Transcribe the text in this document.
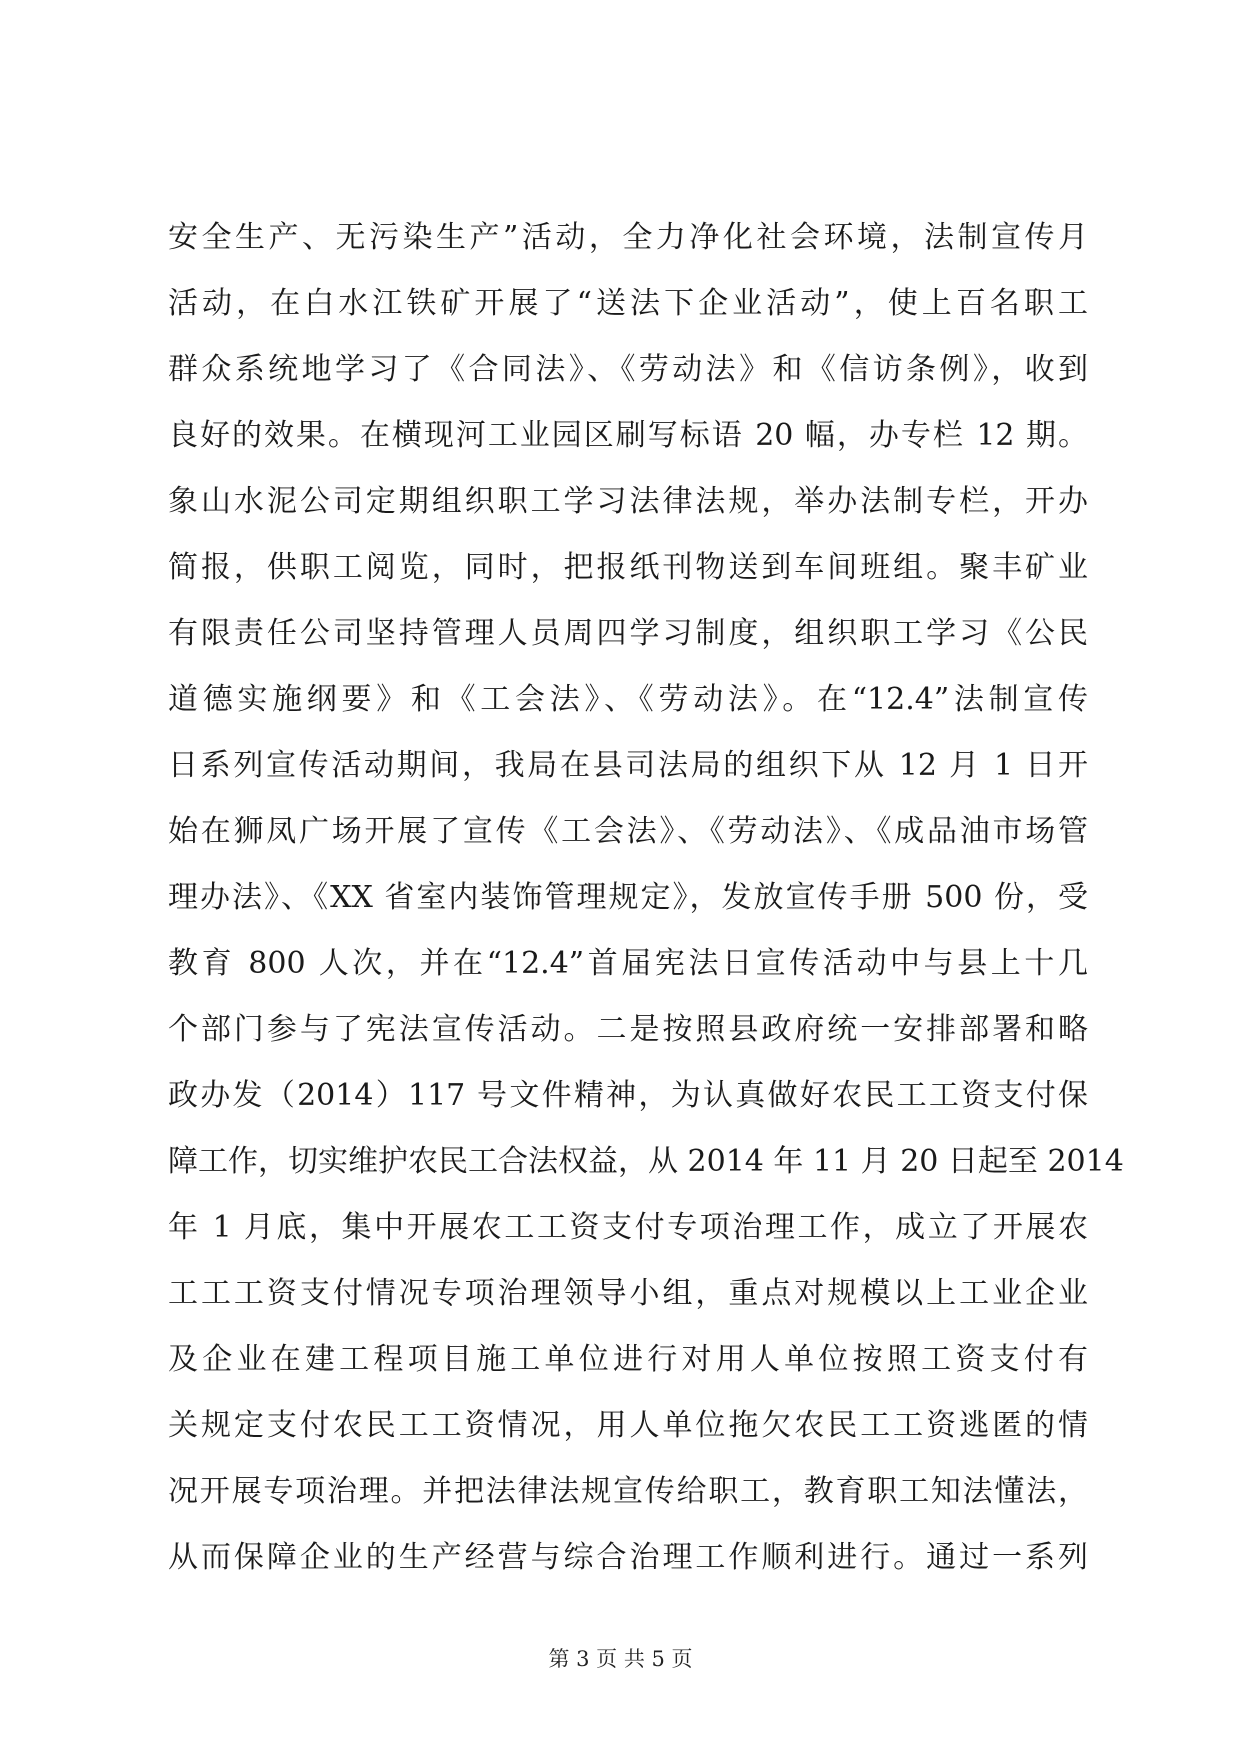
安全生产、无污染生产”活动，全力净化社会环境，法制宣传月
活动，在白水江铁矿开展了“送法下企业活动”，使上百名职工
群众系统地学习了《合同法》、《劳动法》和《信访条例》，收到
良好的效果。在横现河工业园区刷写标语 20 幅，办专栏 12 期。
象山水泥公司定期组织职工学习法律法规，举办法制专栏，开办
简报，供职工阅览，同时，把报纸刊物送到车间班组。聚丰矿业
有限责任公司坚持管理人员周四学习制度，组织职工学习《公民
道德实施纲要》和《工会法》、《劳动法》。在“12.4”法制宣传
日系列宣传活动期间，我局在县司法局的组织下从 12 月 1 日开
始在狮凤广场开展了宣传《工会法》、《劳动法》、《成品油市场管
理办法》、《XX 省室内装饰管理规定》，发放宣传手册 500 份，受
教育 800 人次，并在“12.4”首届宪法日宣传活动中与县上十几
个部门参与了宪法宣传活动。二是按照县政府统一安排部署和略
政办发（2014）117 号文件精神，为认真做好农民工工资支付保
障工作，切实维护农民工合法权益，从 2014 年 11 月 20 日起至 2014
年 1 月底，集中开展农工工资支付专项治理工作，成立了开展农
工工工资支付情况专项治理领导小组，重点对规模以上工业企业
及企业在建工程项目施工单位进行对用人单位按照工资支付有
关规定支付农民工工资情况，用人单位拖欠农民工工资逃匿的情
况开展专项治理。并把法律法规宣传给职工，教育职工知法懂法，
从而保障企业的生产经营与综合治理工作顺利进行。通过一系列
第 3 页 共 5 页
